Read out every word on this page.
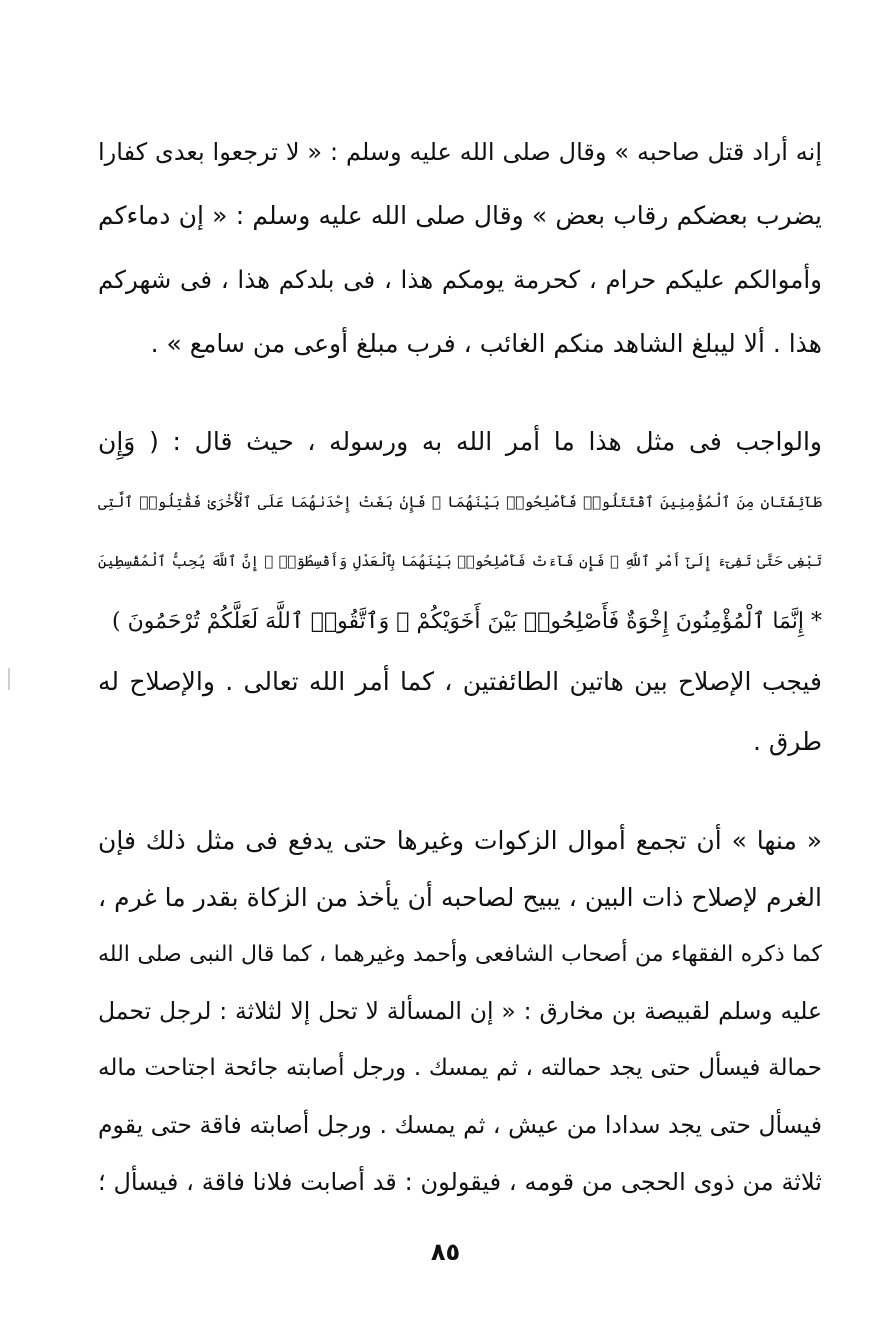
إنه أراد قتل صاحبه » وقال صلى الله عليه وسلم : « لا ترجعوا بعدى كفارا
يضرب بعضكم رقاب بعض » وقال صلى الله عليه وسلم : « إن دماءكم
وأموالكم عليكم حرام ، كحرمة يومكم هذا ، فى بلدكم هذا ، فى شهركم
هذا . ألا ليبلغ الشاهد منكم الغائب ، فرب مبلغ أوعى من سامع » .
والواجب فى مثل هذا ما أمر الله به ورسوله ، حيث قال : ( وَإِن
طَآئِفَتَانِ مِنَ ٱلْمُؤْمِنِينَ ٱقْتَتَلُوا۟ فَأَصْلِحُوا۟ بَيْنَهُمَا ۖ فَإِنۢ بَغَتْ إِحْدَىٰهُمَا عَلَى ٱلْأُخْرَىٰ فَقَٰتِلُوا۟ ٱلَّتِى
تَبْغِى حَتَّىٰ تَفِىٓءَ إِلَىٰٓ أَمْرِ ٱللَّهِ ۚ فَإِن فَآءَتْ فَأَصْلِحُوا۟ بَيْنَهُمَا بِٱلْعَدْلِ وَأَقْسِطُوٓا۟ ۖ إِنَّ ٱللَّهَ يُحِبُّ ٱلْمُقْسِطِينَ
* إِنَّمَا ٱلْمُؤْمِنُونَ إِخْوَةٌ فَأَصْلِحُوا۟ بَيْنَ أَخَوَيْكُمْ ۚ وَٱتَّقُوا۟ ٱللَّهَ لَعَلَّكُمْ تُرْحَمُونَ )
فيجب الإصلاح بين هاتين الطائفتين ، كما أمر الله تعالى . والإصلاح له
طرق .
« منها » أن تجمع أموال الزكوات وغيرها حتى يدفع فى مثل ذلك فإن
الغرم لإصلاح ذات البين ، يبيح لصاحبه أن يأخذ من الزكاة بقدر ما غرم ،
كما ذكره الفقهاء من أصحاب الشافعى وأحمد وغيرهما ، كما قال النبى صلى الله
عليه وسلم لقبيصة بن مخارق : « إن المسألة لا تحل إلا لثلاثة : لرجل تحمل
حمالة فيسأل حتى يجد حمالته ، ثم يمسك . ورجل أصابته جائحة اجتاحت ماله
فيسأل حتى يجد سدادا من عيش ، ثم يمسك . ورجل أصابته فاقة حتى يقوم
ثلاثة من ذوى الحجى من قومه ، فيقولون : قد أصابت فلانا فاقة ، فيسأل ؛
٨٥
